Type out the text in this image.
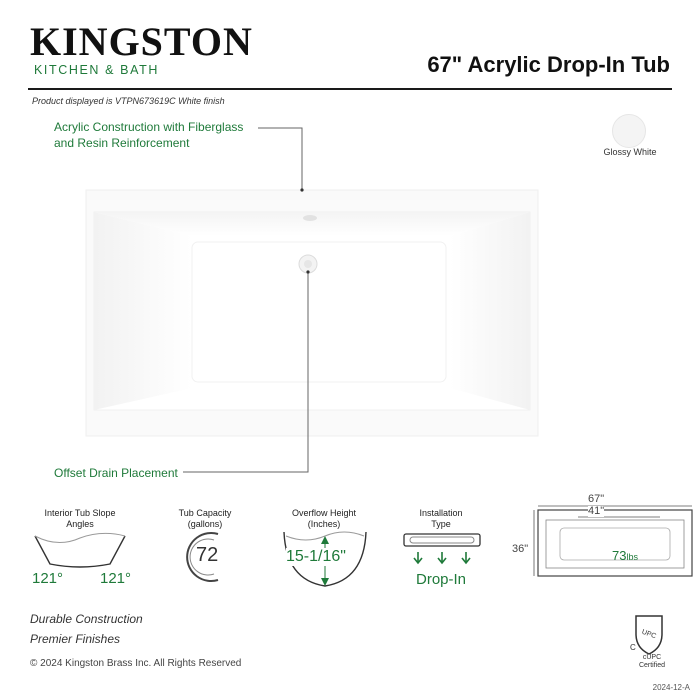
KINGSTON
KITCHEN & BATH	67" Acrylic Drop-In Tub
Product displayed is VTPN673619C White finish
Glossy White
Acrylic Construction with Fiberglass
and Resin Reinforcement
Offset Drain Placement
Interior Tub Slope
Angles
121° 121°
Tub Capacity
(gallons)
72
Overflow Height
(Inches)
15-1/16"
Installation
Type
Drop-In
67"
41"
36"	73lbs
Durable Construction
Premier Finishes
© 2024 Kingston Brass Inc. All Rights Reserved
UPC
C
cUPC
Certified
2024-12-A
